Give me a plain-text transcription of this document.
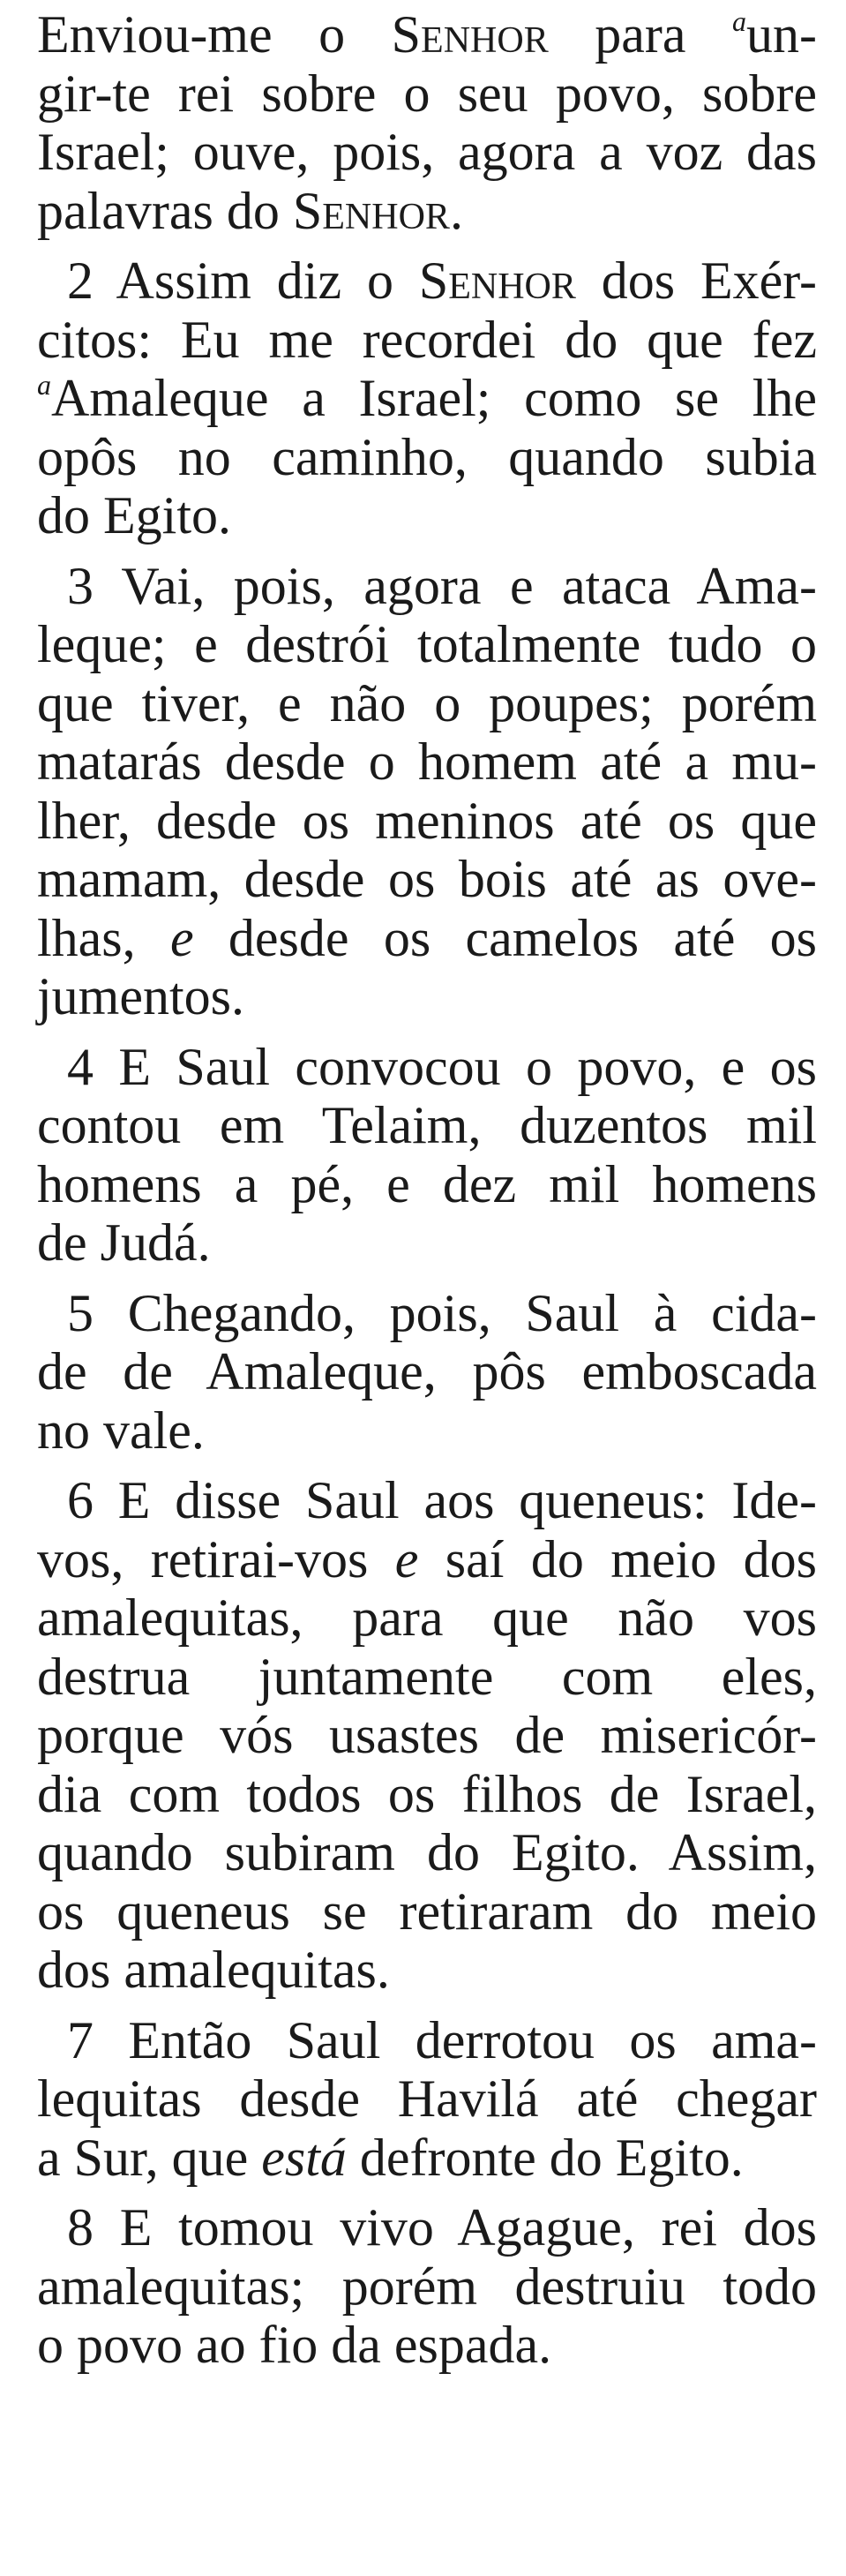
Enviou-me o Senhor para $^a$un-
gir-te rei sobre o seu povo, sobre
Israel; ouve, pois, agora a voz das
palavras do Senhor.
2 Assim diz o Senhor dos Exér-
citos: Eu me recordei do que fez
$^a$Amaleque a Israel; como se lhe
opôs no caminho, quando subia
do Egito.
3 Vai, pois, agora e ataca Ama-
leque; e destrói totalmente tudo o
que tiver, e não o poupes; porém
matarás desde o homem até a mu-
lher, desde os meninos até os que
mamam, desde os bois até as ove-
lhas, e desde os camelos até os
jumentos.
4 E Saul convocou o povo, e os
contou em Telaim, duzentos mil
homens a pé, e dez mil homens
de Judá.
5 Chegando, pois, Saul à cida-
de de Amaleque, pôs emboscada
no vale.
6 E disse Saul aos queneus: Ide-
vos, retirai-vos e saí do meio dos
amalequitas, para que não vos
destrua juntamente com eles,
porque vós usastes de misericór-
dia com todos os filhos de Israel,
quando subiram do Egito. Assim,
os queneus se retiraram do meio
dos amalequitas.
7 Então Saul derrotou os ama-
lequitas desde Havilá até chegar
a Sur, que está defronte do Egito.
8 E tomou vivo Agague, rei dos
amalequitas; porém destruiu todo
o povo ao fio da espada.
